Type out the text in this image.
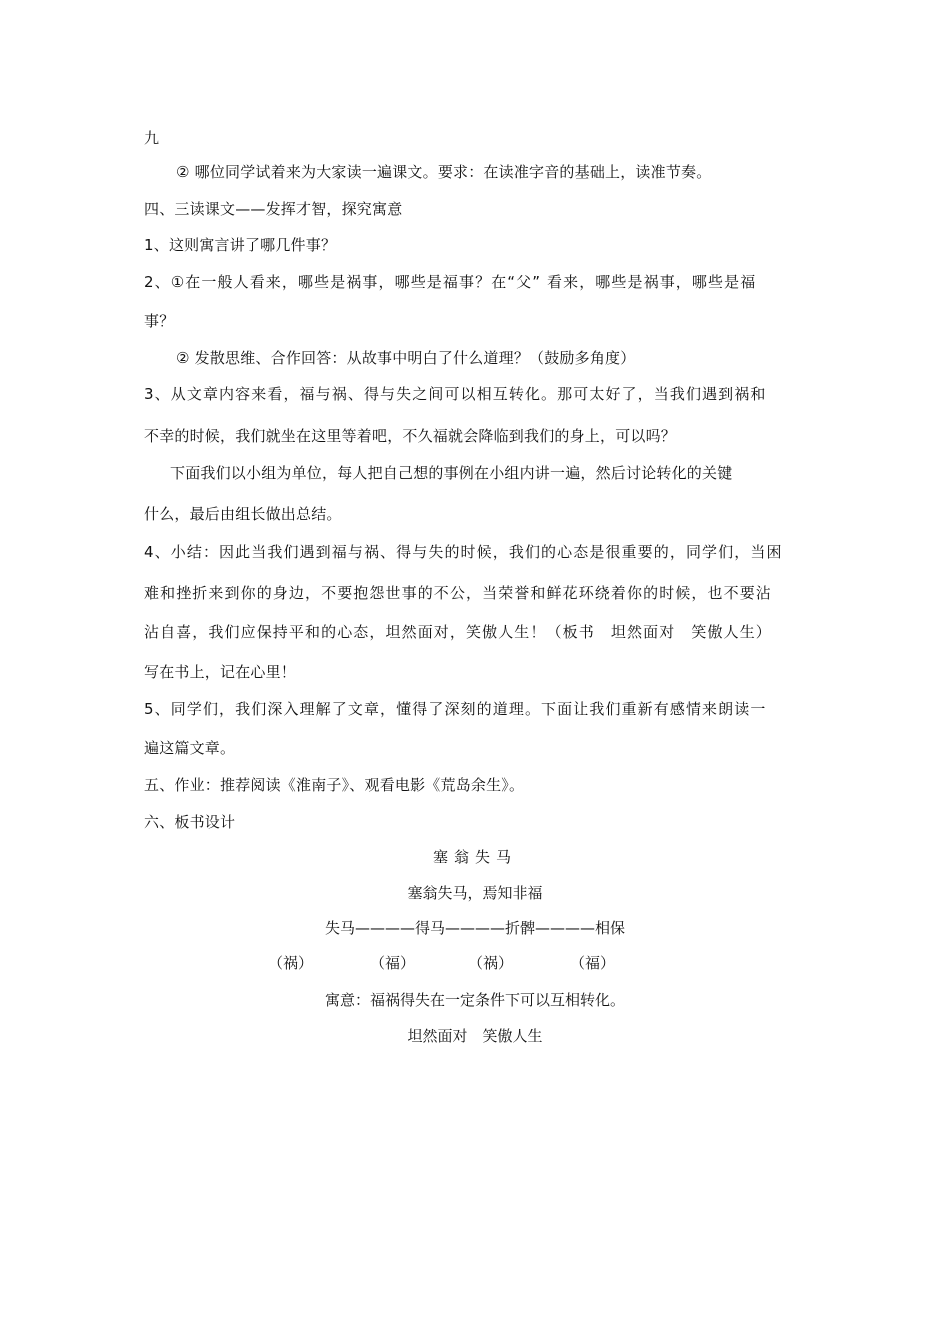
九
② 哪位同学试着来为大家读一遍课文。要求：在读准字音的基础上，读准节奏。
四、三读课文——发挥才智，探究寓意
1、这则寓言讲了哪几件事？
2、①在一般人看来，哪些是祸事，哪些是福事？在“父” 看来，哪些是祸事，哪些是福
事？
② 发散思维、合作回答：从故事中明白了什么道理？（鼓励多角度）
3、从文章内容来看，福与祸、得与失之间可以相互转化。那可太好了，当我们遇到祸和
不幸的时候，我们就坐在这里等着吧，不久福就会降临到我们的身上，可以吗？
下面我们以小组为单位，每人把自己想的事例在小组内讲一遍，然后讨论转化的关键
什么，最后由组长做出总结。
4、小结：因此当我们遇到福与祸、得与失的时候，我们的心态是很重要的，同学们，当困
难和挫折来到你的身边，不要抱怨世事的不公，当荣誉和鲜花环绕着你的时候，也不要沾
沾自喜，我们应保持平和的心态，坦然面对，笑傲人生！（板书　坦然面对　笑傲人生）
写在书上，记在心里！
5、同学们，我们深入理解了文章，懂得了深刻的道理。下面让我们重新有感情来朗读一
遍这篇文章。
五、作业：推荐阅读《淮南子》、观看电影《荒岛余生》。
六、板书设计
塞翁失马
塞翁失马，焉知非福
失马————得马————折髀————相保
（祸）	（福）	（祸）	（福）
寓意：福祸得失在一定条件下可以互相转化。
坦然面对　笑傲人生
